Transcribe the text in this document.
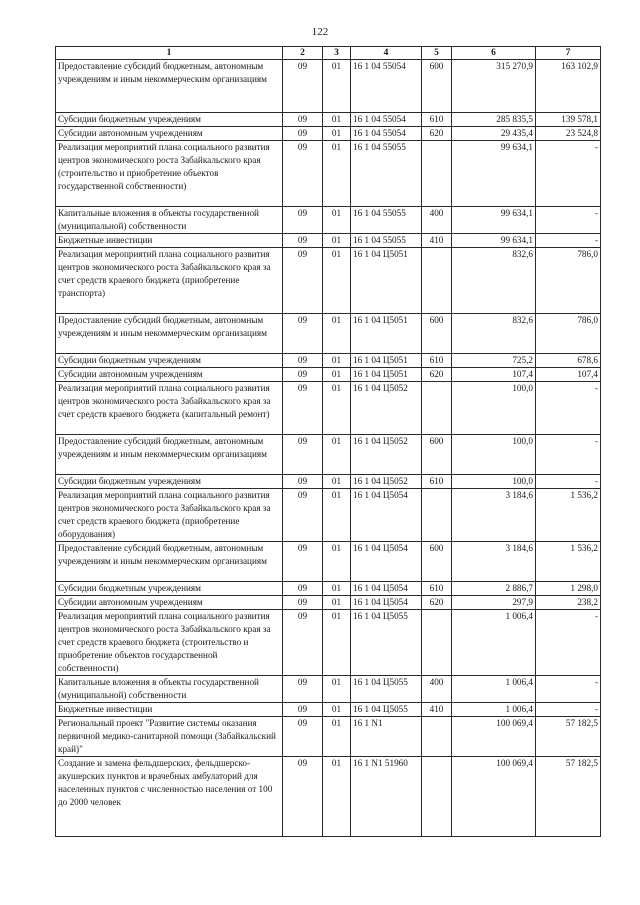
122
1	2	3	4	5	6	7
Предоставление субсидий бюджетным, автономным учреждениям и иным некоммерческим организациям	09	01	16 1 04 55054	600	315 270,9	163 102,9
Субсидии бюджетным учреждениям	09	01	16 1 04 55054	610	285 835,5	139 578,1
Субсидии автономным учреждениям	09	01	16 1 04 55054	620	29 435,4	23 524,8
Реализация мероприятий плана социального развития центров экономического роста Забайкальского края (строительство и приобретение объектов государственной собственности)	09	01	16 1 04 55055		99 634,1	-
Капитальные вложения в объекты государственной (муниципальной) собственности	09	01	16 1 04 55055	400	99 634,1	-
Бюджетные инвестиции	09	01	16 1 04 55055	410	99 634,1	-
Реализация мероприятий плана социального развития центров экономического роста Забайкальского края за счет средств краевого бюджета (приобретение транспорта)	09	01	16 1 04 Ц5051		832,6	786,0
Предоставление субсидий бюджетным, автономным учреждениям и иным некоммерческим организациям	09	01	16 1 04 Ц5051	600	832,6	786,0
Субсидии бюджетным учреждениям	09	01	16 1 04 Ц5051	610	725,2	678,6
Субсидии автономным учреждениям	09	01	16 1 04 Ц5051	620	107,4	107,4
Реализация мероприятий плана социального развития центров экономического роста Забайкальского края за счет средств краевого бюджета (капитальный ремонт)	09	01	16 1 04 Ц5052		100,0	-
Предоставление субсидий бюджетным, автономным учреждениям и иным некоммерческим организациям	09	01	16 1 04 Ц5052	600	100,0	-
Субсидии бюджетным учреждениям	09	01	16 1 04 Ц5052	610	100,0	-
Реализация мероприятий плана социального развития центров экономического роста Забайкальского края за счет средств краевого бюджета (приобретение оборудования)	09	01	16 1 04 Ц5054		3 184,6	1 536,2
Предоставление субсидий бюджетным, автономным учреждениям и иным некоммерческим организациям	09	01	16 1 04 Ц5054	600	3 184,6	1 536,2
Субсидии бюджетным учреждениям	09	01	16 1 04 Ц5054	610	2 886,7	1 298,0
Субсидии автономным учреждениям	09	01	16 1 04 Ц5054	620	297,9	238,2
Реализация мероприятий плана социального развития центров экономического роста Забайкальского края за счет средств краевого бюджета (строительство и приобретение объектов государственной собственности)	09	01	16 1 04 Ц5055		1 006,4	-
Капитальные вложения в объекты государственной (муниципальной) собственности	09	01	16 1 04 Ц5055	400	1 006,4	-
Бюджетные инвестиции	09	01	16 1 04 Ц5055	410	1 006,4	-
Региональный проект "Развитие системы оказания первичной медико-санитарной помощи (Забайкальский край)"	09	01	16 1 N1		100 069,4	57 182,5
Создание и замена фельдшерских, фельдшерско-акушерских пунктов и врачебных амбулаторий для населенных пунктов с численностью населения от 100 до 2000 человек	09	01	16 1 N1 51960		100 069,4	57 182,5
